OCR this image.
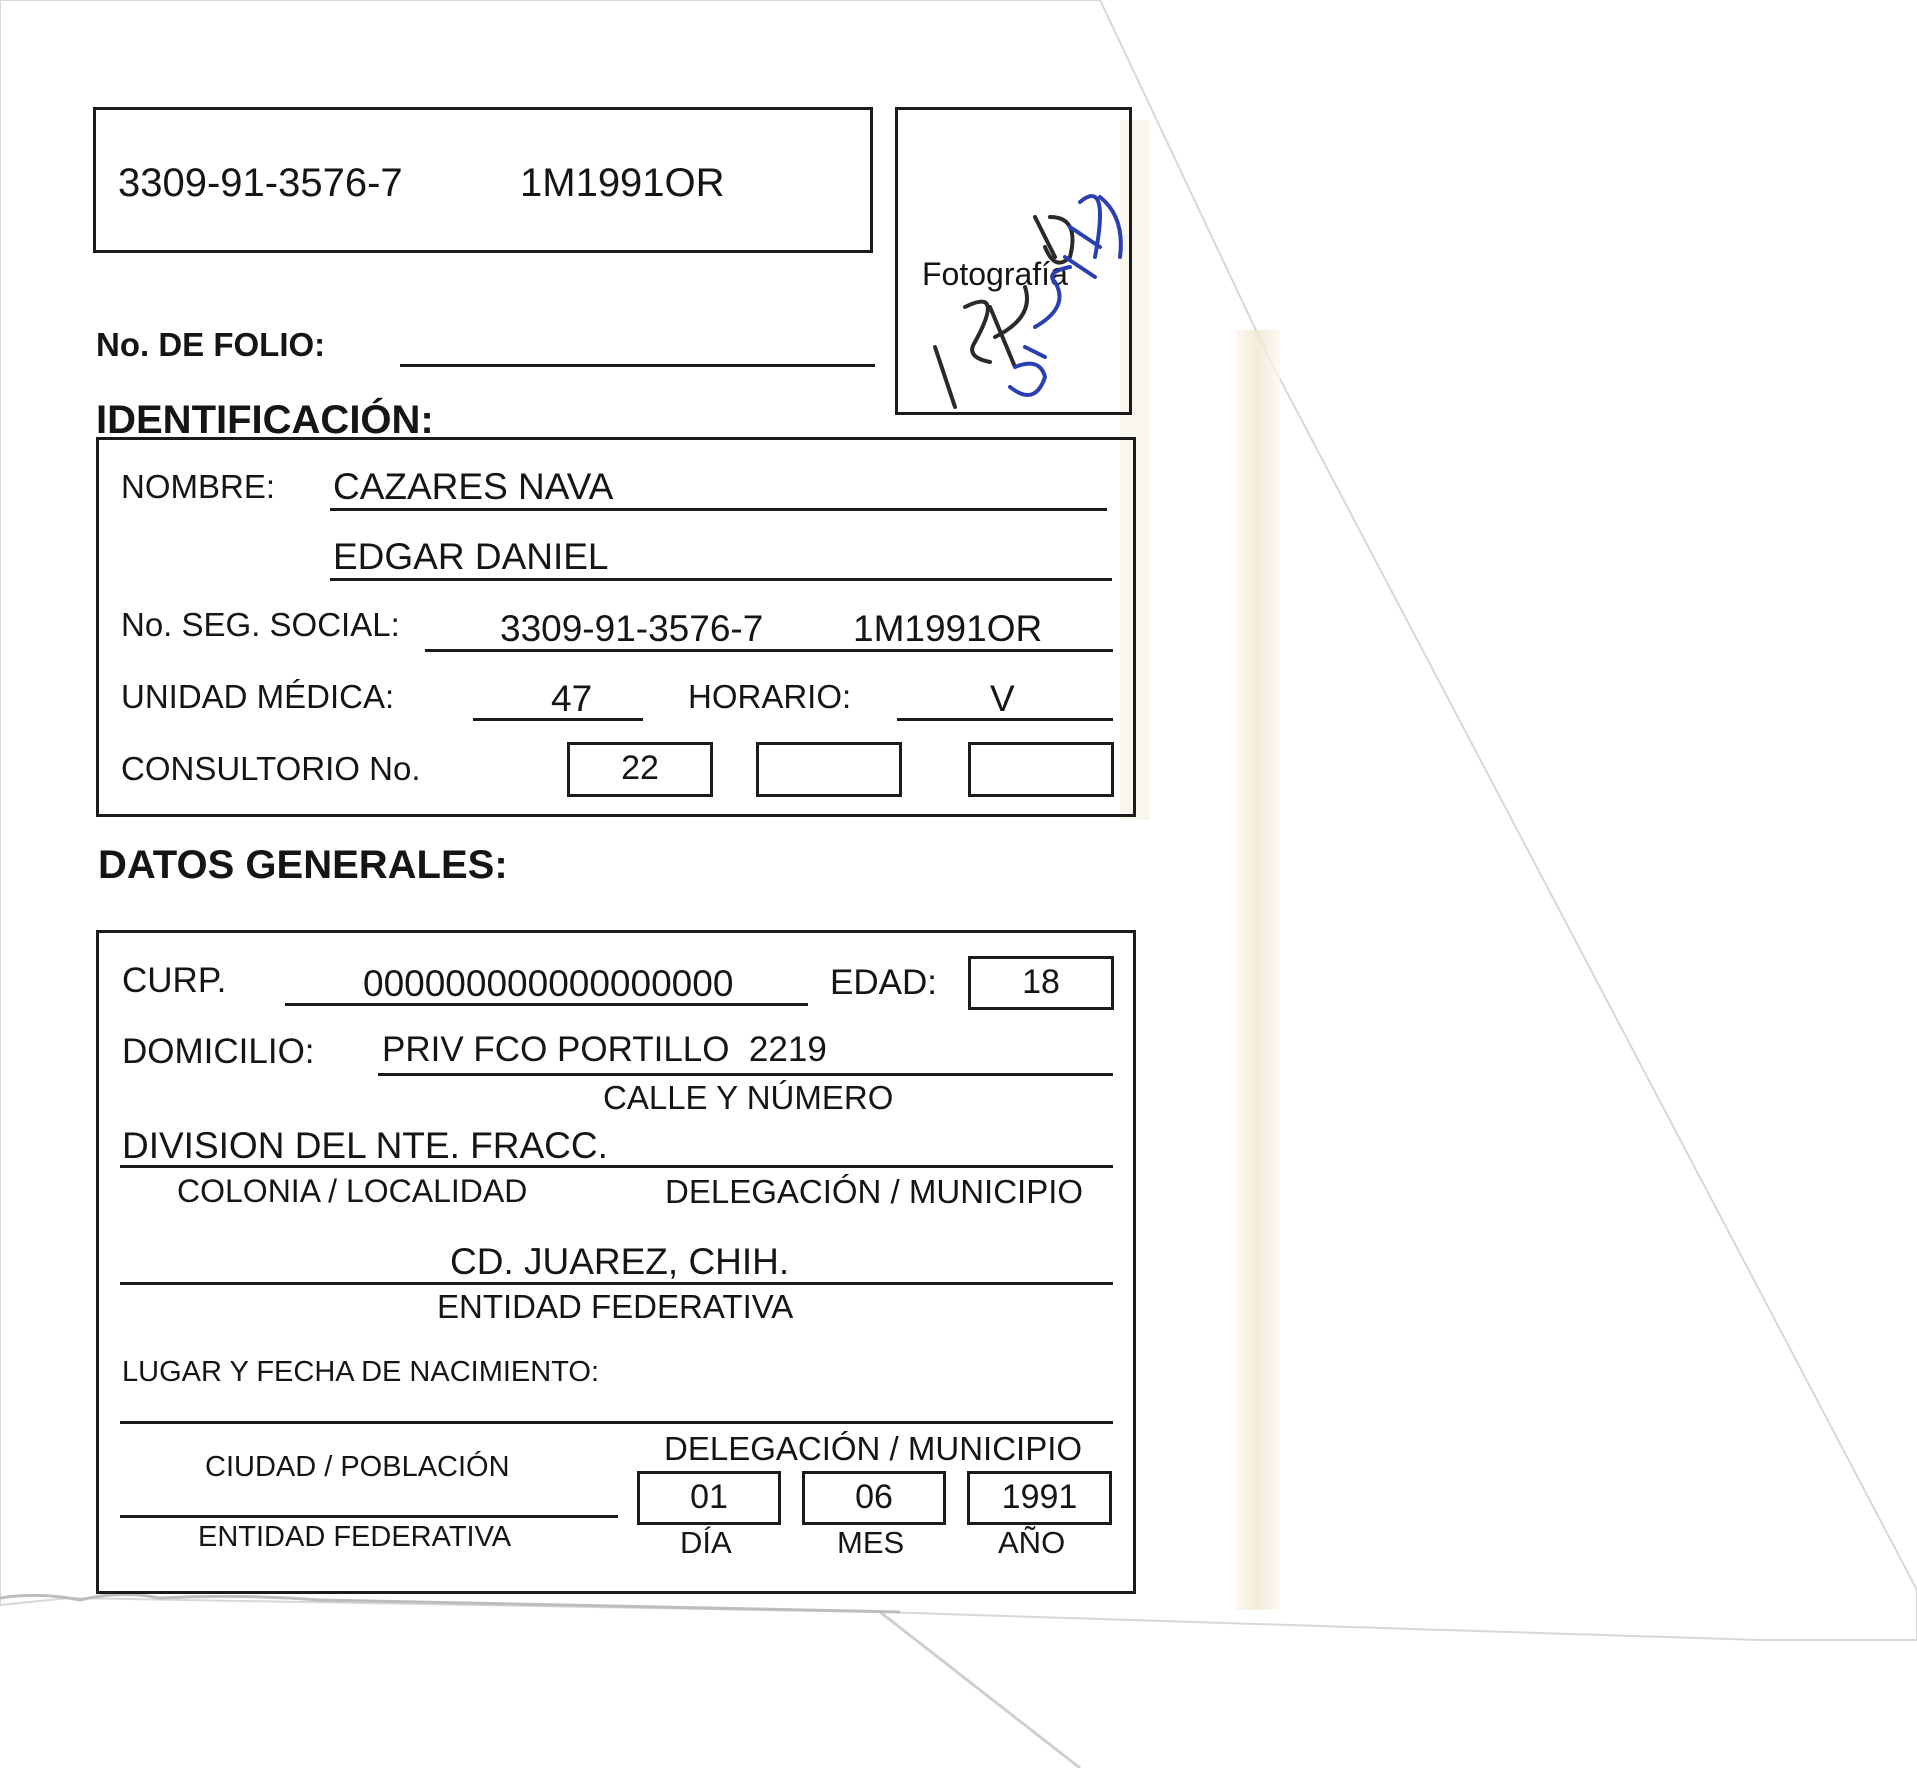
3309-91-3576-7	1M1991OR
Fotografía
No. DE FOLIO:
IDENTIFICACIÓN:
NOMBRE: CAZARES NAVA
EDGAR DANIEL
No. SEG. SOCIAL:	3309-91-3576-7 1M1991OR
UNIDAD MÉDICA:	47	HORARIO:	V
CONSULTORIO No.	22
DATOS GENERALES:
CURP.	000000000000000000	EDAD:	18
DOMICILIO: PRIV FCO PORTILLO  2219
CALLE Y NÚMERO
DIVISION DEL NTE. FRACC.
COLONIA / LOCALIDAD	DELEGACIÓN / MUNICIPIO
CD. JUAREZ, CHIH.
ENTIDAD FEDERATIVA
LUGAR Y FECHA DE NACIMIENTO:
CIUDAD / POBLACIÓN	DELEGACIÓN / MUNICIPIO
ENTIDAD FEDERATIVA
01	06	1991
DÍA	MES	AÑO
